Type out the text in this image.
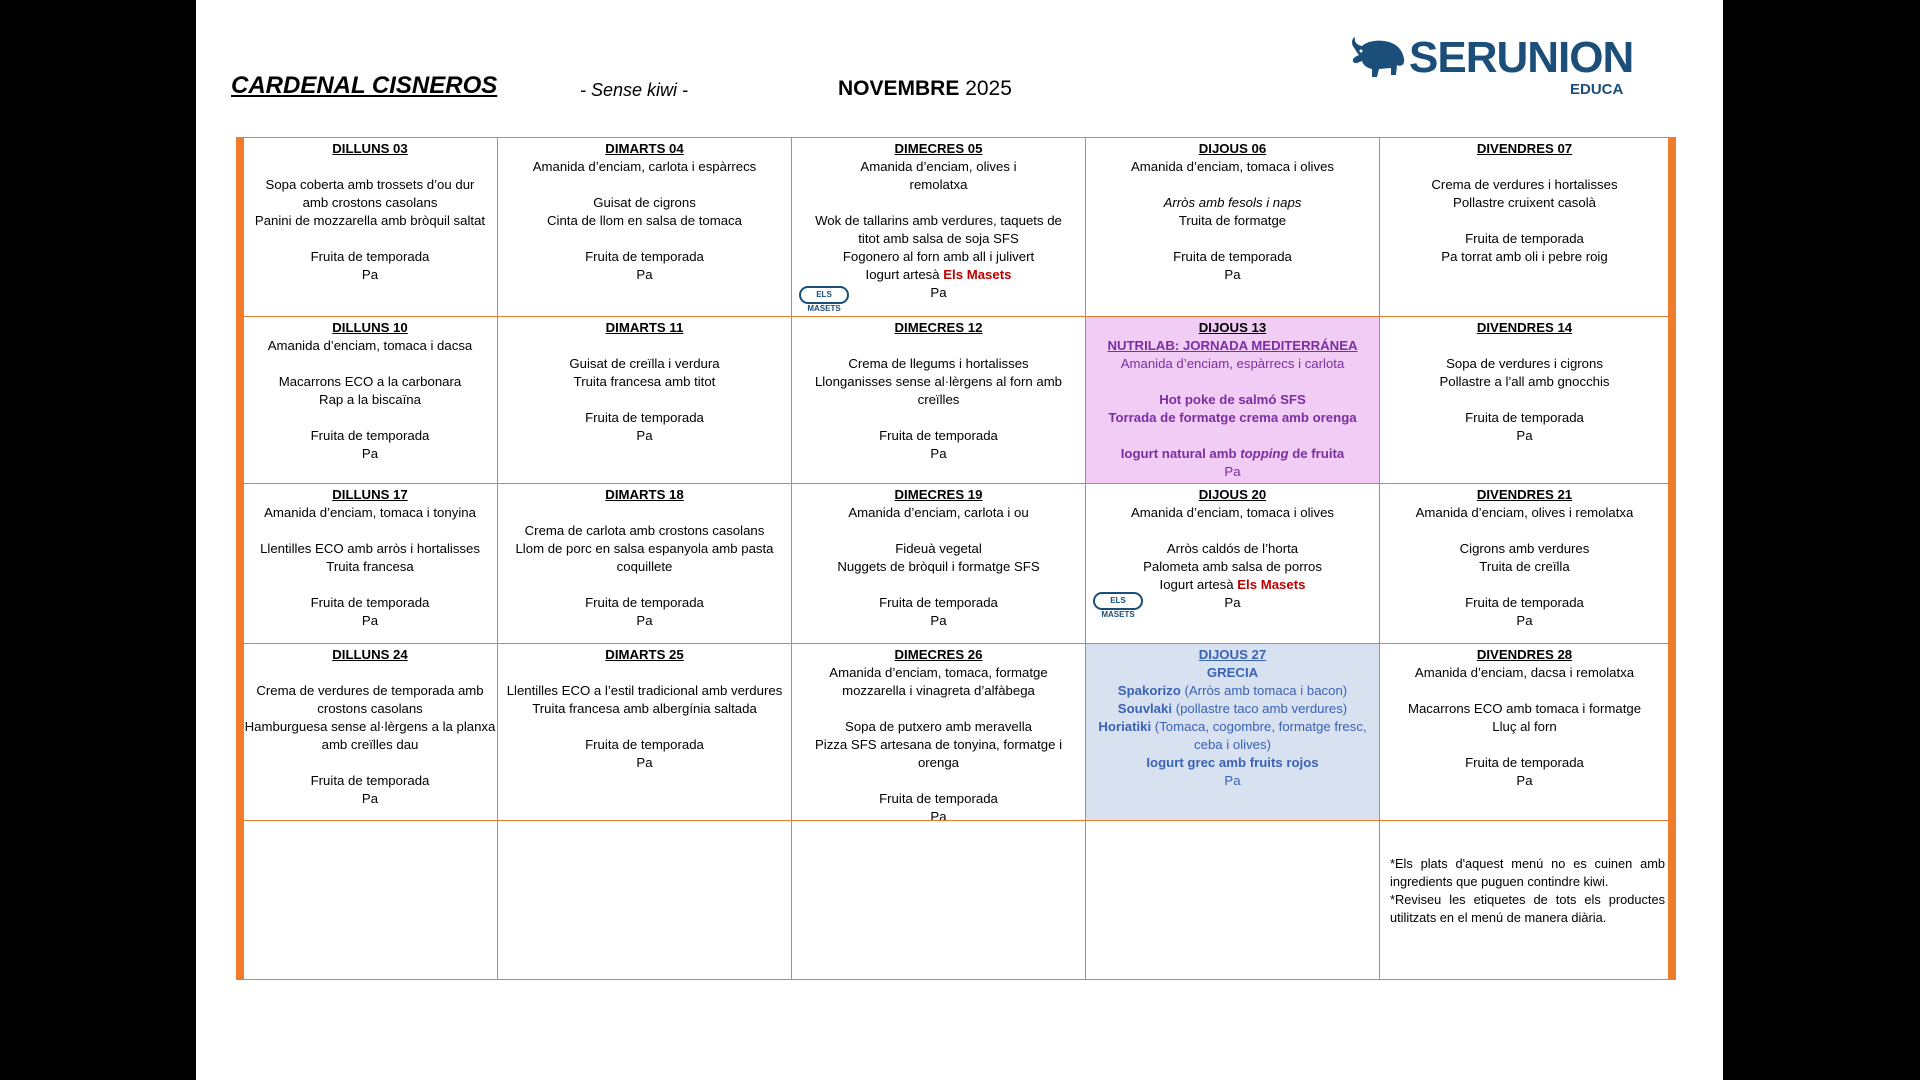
CARDENAL CISNEROS	- Sense kiwi -	NOVEMBRE 2025
SERUNION
EDUCA
DILLUNS 03
Sopa coberta amb trossets d’ou dur
amb crostons casolans
Panini de mozzarella amb bròquil saltat
Fruita de temporada
Pa
DIMARTS 04
Amanida d’enciam, carlota i espàrrecs
Guisat de cigrons
Cinta de llom en salsa de tomaca
Fruita de temporada
Pa
DIMECRES 05
Amanida d’enciam, olives i
remolatxa
Wok de tallarins amb verdures, taquets de
titot amb salsa de soja SFS
Fogonero al forn amb all i julivert
ELS MASETS
Iogurt artesà Els Masets
Pa
DIJOUS 06
Amanida d’enciam, tomaca i olives
Arròs amb fesols i naps
Truita de formatge
Fruita de temporada
Pa
DIVENDRES 07
Crema de verdures i hortalisses
Pollastre cruixent casolà
Fruita de temporada
Pa torrat amb oli i pebre roig
DILLUNS 10
Amanida d’enciam, tomaca i dacsa
Macarrons ECO a la carbonara
Rap a la biscaïna
Fruita de temporada
Pa
DIMARTS 11
Guisat de creïlla i verdura
Truita francesa amb titot
Fruita de temporada
Pa
DIMECRES 12
Crema de llegums i hortalisses
Llonganisses sense al·lèrgens al forn amb
creïlles
Fruita de temporada
Pa
DIJOUS 13
NUTRILAB: JORNADA MEDITERRÁNEA
Amanida d’enciam, espàrrecs i carlota
Hot poke de salmó SFS
Torrada de formatge crema amb orenga
Iogurt natural amb topping de fruita
Pa
DIVENDRES 14
Sopa de verdures i cigrons
Pollastre a l’all amb gnocchis
Fruita de temporada
Pa
DILLUNS 17
Amanida d’enciam, tomaca i tonyina
Llentilles ECO amb arròs i hortalisses
Truita francesa
Fruita de temporada
Pa
DIMARTS 18
Crema de carlota amb crostons casolans
Llom de porc en salsa espanyola amb pasta
coquillete
Fruita de temporada
Pa
DIMECRES 19
Amanida d’enciam, carlota i ou
Fideuà vegetal
Nuggets de bròquil i formatge SFS
Fruita de temporada
Pa
DIJOUS 20
Amanida d’enciam, tomaca i olives
Arròs caldós de l’horta
Palometa amb salsa de porros
ELS MASETS
Iogurt artesà Els Masets
Pa
DIVENDRES 21
Amanida d’enciam, olives i remolatxa
Cigrons amb verdures
Truita de creïlla
Fruita de temporada
Pa
DILLUNS 24
Crema de verdures de temporada amb
crostons casolans
Hamburguesa sense al·lèrgens a la planxa
amb creïlles dau
Fruita de temporada
Pa
DIMARTS 25
Llentilles ECO a l’estil tradicional amb verdures
Truita francesa amb albergínia saltada
Fruita de temporada
Pa
DIMECRES 26
Amanida d’enciam, tomaca, formatge
mozzarella i vinagreta d’alfàbega
Sopa de putxero amb meravella
Pizza SFS artesana de tonyina, formatge i
orenga
Fruita de temporada
Pa
DIJOUS 27
GRECIA
Spakorizo (Arròs amb tomaca i bacon)
Souvlaki (pollastre taco amb verdures)
Horiatiki (Tomaca, cogombre, formatge fresc,
ceba i olives)
Iogurt grec amb fruits rojos
Pa
DIVENDRES 28
Amanida d’enciam, dacsa i remolatxa
Macarrons ECO amb tomaca i formatge
Lluç al forn
Fruita de temporada
Pa
*Els plats d'aquest menú no es cuinen amb ingredients que puguen contindre kiwi.
*Reviseu les etiquetes de tots els productes utilitzats en el menú de manera diària.
